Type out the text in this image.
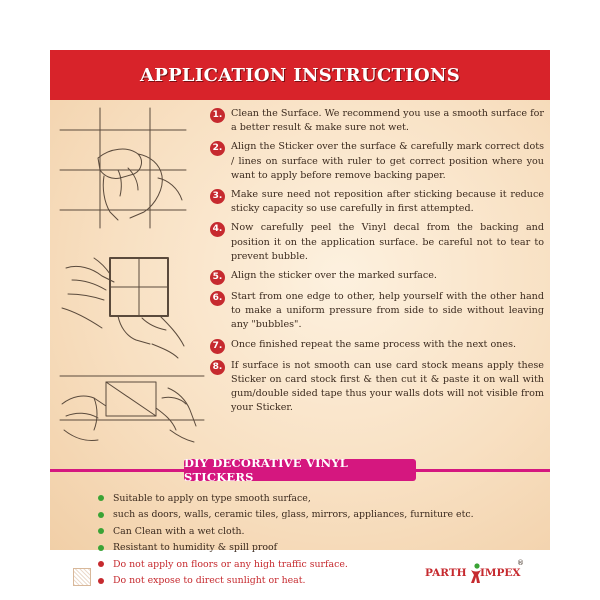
APPLICATION INSTRUCTIONS
1. Clean the Surface. We recommend you use a smooth surface for a better result & make sure not wet.
2. Align the Sticker over the surface & carefully mark correct dots / lines on surface with ruler to get correct position where you want to apply before remove backing paper.
3. Make sure need not reposition after sticking because it reduce sticky capacity so use carefully in first attempted.
4. Now carefully peel the Vinyl decal from the backing and position it on the application surface. be careful not to tear to prevent bubble.
5. Align the sticker over the marked surface.
6. Start from one edge to other, help yourself with the other hand to make a uniform pressure from side to side without leaving any "bubbles".
7. Once finished repeat the same process with the next ones.
8. If surface is not smooth can use card stock means apply these Sticker on card stock first & then cut it & paste it on wall with gum/double sided tape thus your walls dots will not visible from your Sticker.
DIY DECORATIVE VINYL STICKERS
Suitable to apply on type smooth surface,
such as doors, walls, ceramic tiles, glass, mirrors, appliances, furniture etc.
Can Clean with a wet cloth.
Resistant to humidity & spill proof
Do not apply on floors or any high traffic surface.
Do not expose to direct sunlight or heat.
PARTH IMPEX
®
